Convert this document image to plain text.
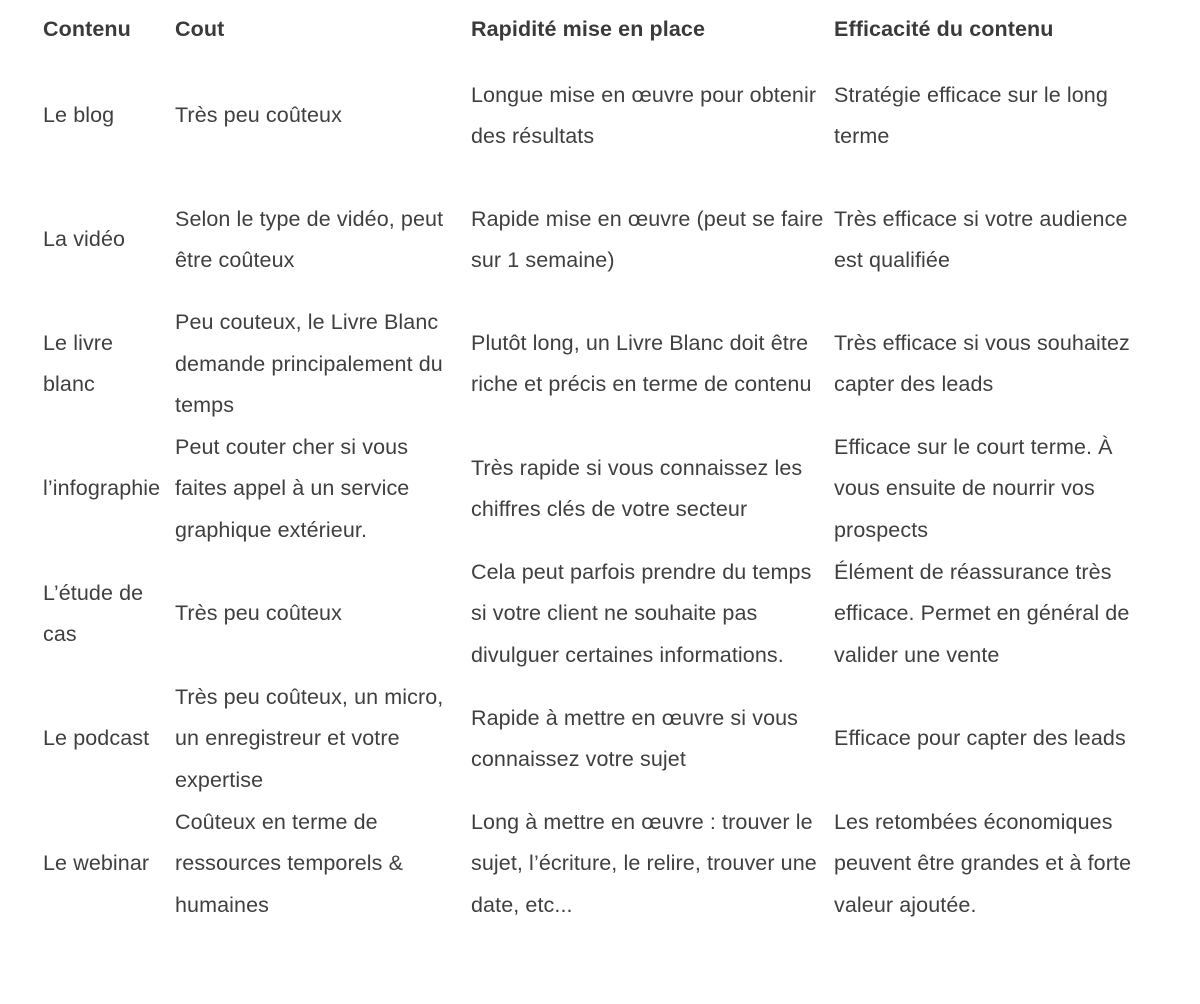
Contenu	Cout	Rapidité mise en place	Efficacité du contenu
Le blog	Très peu coûteux	Longue mise en œuvre pour obtenir des résultats	Stratégie efficace sur le long terme
La vidéo	Selon le type de vidéo, peut être coûteux	Rapide mise en œuvre (peut se faire sur 1 semaine)	Très efficace si votre audience est qualifiée
Le livre blanc	Peu couteux, le Livre Blanc demande principalement du temps	Plutôt long, un Livre Blanc doit être riche et précis en terme de contenu	Très efficace si vous souhaitez capter des leads
l’infographie	Peut couter cher si vous faites appel à un service graphique extérieur.	Très rapide si vous connaissez les chiffres clés de votre secteur	Efficace sur le court terme. À vous ensuite de nourrir vos prospects
L’étude de cas	Très peu coûteux	Cela peut parfois prendre du temps si votre client ne souhaite pas divulguer certaines informations.	Élément de réassurance très efficace. Permet en général de valider une vente
Le podcast	Très peu coûteux, un micro, un enregistreur et votre expertise	Rapide à mettre en œuvre si vous connaissez votre sujet	Efficace pour capter des leads
Le webinar	Coûteux en terme de ressources temporels & humaines	Long à mettre en œuvre : trouver le sujet, l’écriture, le relire, trouver une date, etc...	Les retombées économiques peuvent être grandes et à forte valeur ajoutée.
